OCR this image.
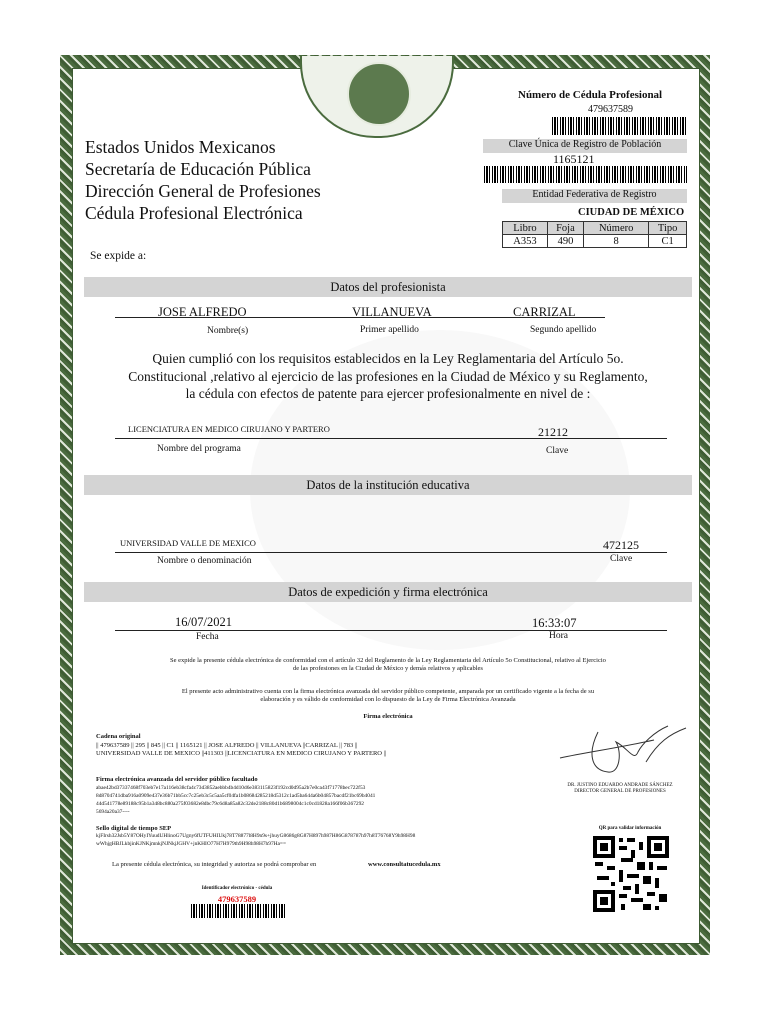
Estados Unidos Mexicanos
Secretaría de Educación Pública
Dirección General de Profesiones
Cédula Profesional Electrónica
Número de Cédula Profesional
479637589
Clave Única de Registro de Población
1165121
Entidad Federativa de Registro
CIUDAD DE MÉXICO
Libro	Foja	Número	Tipo
A353	490	8	C1
Se expide a:
Datos del profesionista
JOSE ALFREDO	VILLANUEVA	CARRIZAL
Nombre(s)	Primer apellido	Segundo apellido
Quien cumplió con los requisitos establecidos en la Ley Reglamentaria del Artículo 5o.
Constitucional ,relativo al ejercicio de las profesiones en la Ciudad de México y su Reglamento,
la cédula con efectos de patente para ejercer profesionalmente en nivel de :
LICENCIATURA EN MEDICO CIRUJANO Y PARTERO	21212
Nombre del programa	Clave
Datos de la institución educativa
UNIVERSIDAD VALLE DE MEXICO	472125
Nombre o denominación	Clave
Datos de expedición y firma electrónica
16/07/2021	16:33:07
Fecha	Hora
Se expide la presente cédula electrónica de conformidad con el artículo 32 del Reglamento de la Ley Reglamentaria del Artículo 5o Constitucional, relativo al Ejercicio
de las profesiones en la Ciudad de México y demás relativos y aplicables
El presente acto administrativo cuenta con la firma electrónica avanzada del servidor público competente, amparada por un certificado vigente a la fecha de su
elaboración y es válido de conformidad con lo dispuesto de la Ley de Firma Electrónica Avanzada
Firma electrónica
Cadena original
|| 479637589 || 295 || 845 || C1 || 1165121 || JOSE ALFREDO || VILLANUEVA ||CARRIZAL || 783 ||
UNIVERSIDAD VALLE DE MEXICO ||411303 ||LICENCIATURA EN MEDICO CIRUJANO Y PARTERO ||
DR. JUSTINO EDUARDO ANDRADE SÁNCHEZ
DIRECTOR GENERAL DE PROFESIONES
Firma electrónica avanzada del servidor público facultado
abae42bd37337468f703eb7e17a116eb38cfa4c73d3852aebbb4b4d10d6e383115823f192cd0d95a2b7e0ca43f71778bec722f53
8d8704741dba916a0909e437e36b71bb5cc7c25eb3c5c5aa5cf04fa1b08684285218d5312c1ad5ba644a6b04857bacdf21bc69b4041
44d541778e89188c95b1a348bc880a275f03682e8dbc79c6d8a85a82c32de2188c80d1b6898004c1c0cd1828a166f06b367292
5694a20a37----
Sello digital de tiempo SEP
kjFIrsh32Jsb5Y87OHyIYuudUHlinoG7Ugny6fUTFUHIUkj78T78877l8H9n9s+jhuyG8686g8G87H897h987H86G878787h97h8T76768Y9h98H98
wWhjgHBJLkbjinKJNKjmnkjNJNkjJGHV+jnKHIO77H7H979th9H98h98H7h97Ha==
QR para validar información
La presente cédula electrónica, su integridad y autoriza se podrá comprobar en	www.consultatucedula.mx
Identificador electrónico - cédula
479637589
